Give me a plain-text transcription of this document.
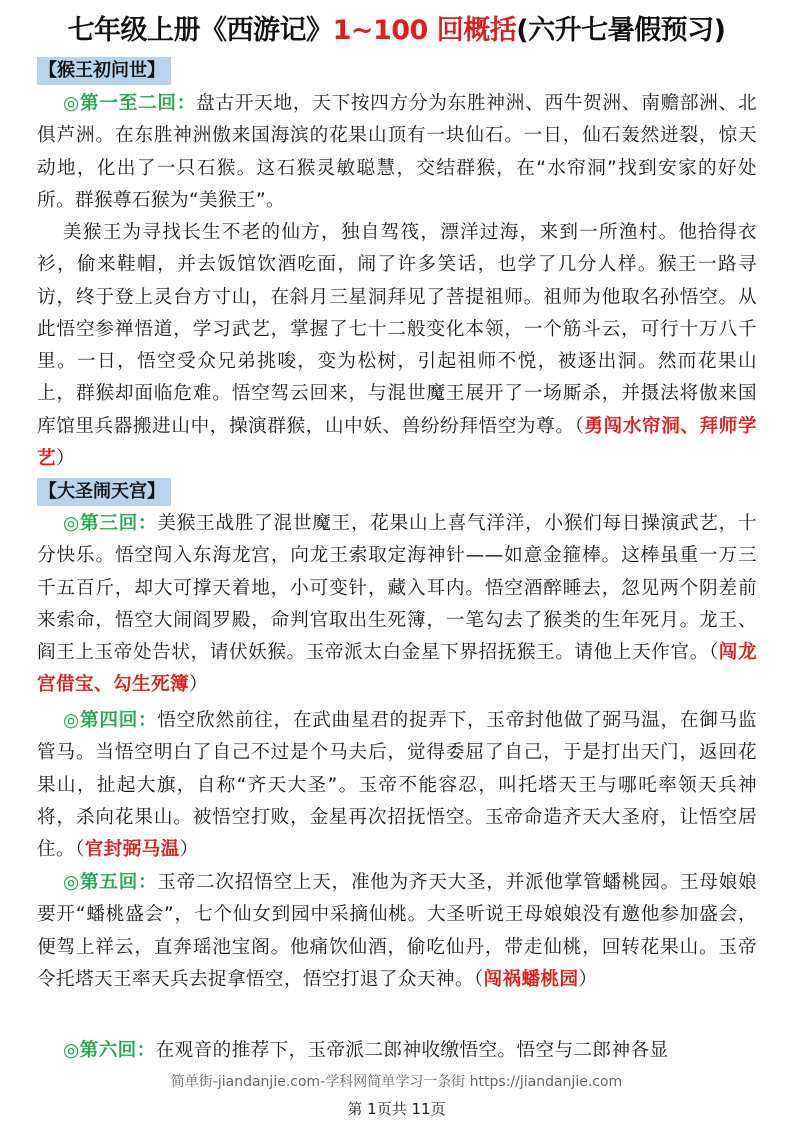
七年级上册《西游记》1~100 回概括(六升七暑假预习)
【猴王初问世】
◎第一至二回：盘古开天地，天下按四方分为东胜神洲、西牛贺洲、南赡部洲、北俱芦洲。在东胜神洲傲来国海滨的花果山顶有一块仙石。一日，仙石轰然迸裂，惊天动地，化出了一只石猴。这石猴灵敏聪慧，交结群猴，在“水帘洞”找到安家的好处所。群猴尊石猴为“美猴王”。
美猴王为寻找长生不老的仙方，独自驾筏，漂洋过海，来到一所渔村。他拾得衣衫，偷来鞋帽，并去饭馆饮酒吃面，闹了许多笑话，也学了几分人样。猴王一路寻访，终于登上灵台方寸山，在斜月三星洞拜见了菩提祖师。祖师为他取名孙悟空。从此悟空参禅悟道，学习武艺，掌握了七十二般变化本领，一个筋斗云，可行十万八千里。一日，悟空受众兄弟挑唆，变为松树，引起祖师不悦，被逐出洞。然而花果山上，群猴却面临危难。悟空驾云回来，与混世魔王展开了一场厮杀，并摄法将傲来国库馆里兵器搬进山中，操演群猴，山中妖、兽纷纷拜悟空为尊。（勇闯水帘洞、拜师学艺）
【大圣闹天宫】
◎第三回：美猴王战胜了混世魔王，花果山上喜气洋洋，小猴们每日操演武艺，十分快乐。悟空闯入东海龙宫，向龙王索取定海神针——如意金箍棒。这棒虽重一万三千五百斤，却大可撑天着地，小可变针，藏入耳内。悟空酒醉睡去，忽见两个阴差前来索命，悟空大闹阎罗殿，命判官取出生死簿，一笔勾去了猴类的生年死月。龙王、阎王上玉帝处告状，请伏妖猴。玉帝派太白金星下界招抚猴王。请他上天作官。（闯龙宫借宝、勾生死簿）
◎第四回：悟空欣然前往，在武曲星君的捉弄下，玉帝封他做了弼马温，在御马监管马。当悟空明白了自己不过是个马夫后，觉得委屈了自己，于是打出天门，返回花果山，扯起大旗，自称“齐天大圣”。玉帝不能容忍，叫托塔天王与哪吒率领天兵神将，杀向花果山。被悟空打败，金星再次招抚悟空。玉帝命造齐天大圣府，让悟空居住。（官封弼马温）
◎第五回：玉帝二次招悟空上天，准他为齐天大圣，并派他掌管蟠桃园。王母娘娘要开“蟠桃盛会”，七个仙女到园中采摘仙桃。大圣听说王母娘娘没有邀他参加盛会，便驾上祥云，直奔瑶池宝阁。他痛饮仙酒，偷吃仙丹，带走仙桃，回转花果山。玉帝令托塔天王率天兵去捉拿悟空，悟空打退了众天神。（闯祸蟠桃园）
◎第六回：在观音的推荐下，玉帝派二郎神收缴悟空。悟空与二郎神各显
简单街-jiandanjie.com-学科网简单学习一条街 https://jiandanjie.com
第 1页共 11页
